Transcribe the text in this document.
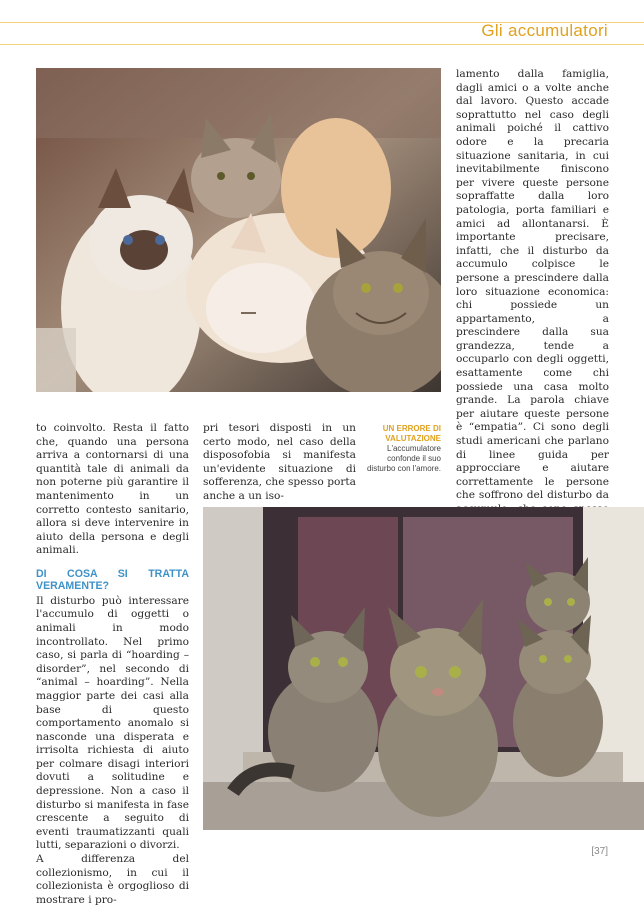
Gli accumulatori

to coinvolto. Resta il fatto che, quando una persona arriva a contornarsi di una quantità tale di animali da non poterne più garantire il mantenimento in un corretto contesto sanitario, allora si deve intervenire in aiuto della persona e degli animali.

DI COSA SI TRATTA VERAMENTE?

Il disturbo può interessare l'accumulo di oggetti o animali in modo incontrollato. Nel primo caso, si parla di “hoarding – disorder”, nel secondo di “animal – hoarding”. Nella maggior parte dei casi alla base di questo comportamento anomalo si nasconde una disperata e irrisolta richiesta di aiuto per colmare disagi interiori dovuti a solitudine e depressione. Non a caso il disturbo si manifesta in fase crescente a seguito di eventi traumatizzanti quali lutti, separazioni o divorzi.

A differenza del collezionismo, in cui il collezionista è orgoglioso di mostrare i pro-

pri tesori disposti in un certo modo, nel caso della disposofobia si manifesta un'evidente situazione di sofferenza, che spesso porta anche a un iso-

UN ERRORE DI VALUTAZIONE
L'accumulatore confonde il suo disturbo con l'amore.

lamento dalla famiglia, dagli amici o a volte anche dal lavoro. Questo accade soprattutto nel caso degli animali poiché il cattivo odore e la precaria situazione sanitaria, in cui inevitabilmente finiscono per vivere queste persone sopraffatte dalla loro patologia, porta familiari e amici ad allontanarsi. È importante precisare, infatti, che il disturbo da accumulo colpisce le persone a prescindere dalla loro situazione economica: chi possiede un appartamento, a prescindere dalla sua grandezza, tende a occuparlo con degli oggetti, esattamente come chi possiede una casa molto grande. La parola chiave per aiutare queste persone è “empatia”. Ci sono degli studi americani che parlano di linee guida per approcciare e aiutare correttamente le persone che soffrono del disturbo da

[37]
